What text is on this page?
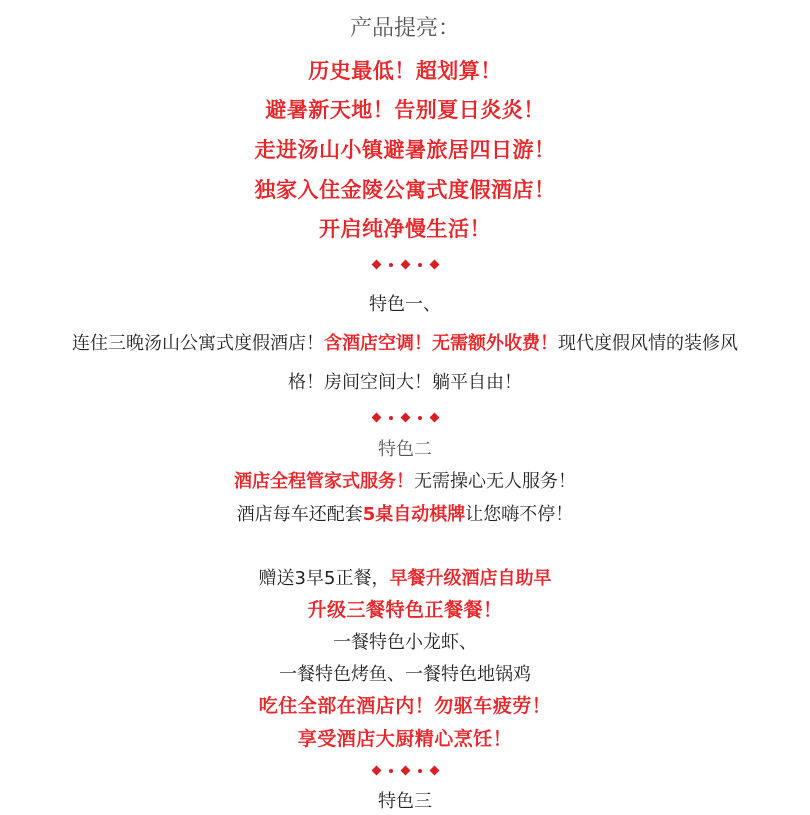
产品提亮：
历史最低！超划算！
避暑新天地！告别夏日炎炎！
走进汤山小镇避暑旅居四日游！
独家入住金陵公寓式度假酒店！
开启纯净慢生活！
特色一、
连住三晚汤山公寓式度假酒店！含酒店空调！无需额外收费！现代度假风情的装修风
格！房间空间大！躺平自由！
特色二
酒店全程管家式服务！无需操心无人服务！
酒店每车还配套5桌自动棋牌让您嗨不停！
赠送3早5正餐，早餐升级酒店自助早
升级三餐特色正餐餐！
一餐特色小龙虾、
一餐特色烤鱼、一餐特色地锅鸡
吃住全部在酒店内！勿驱车疲劳！
享受酒店大厨精心烹饪！
特色三
